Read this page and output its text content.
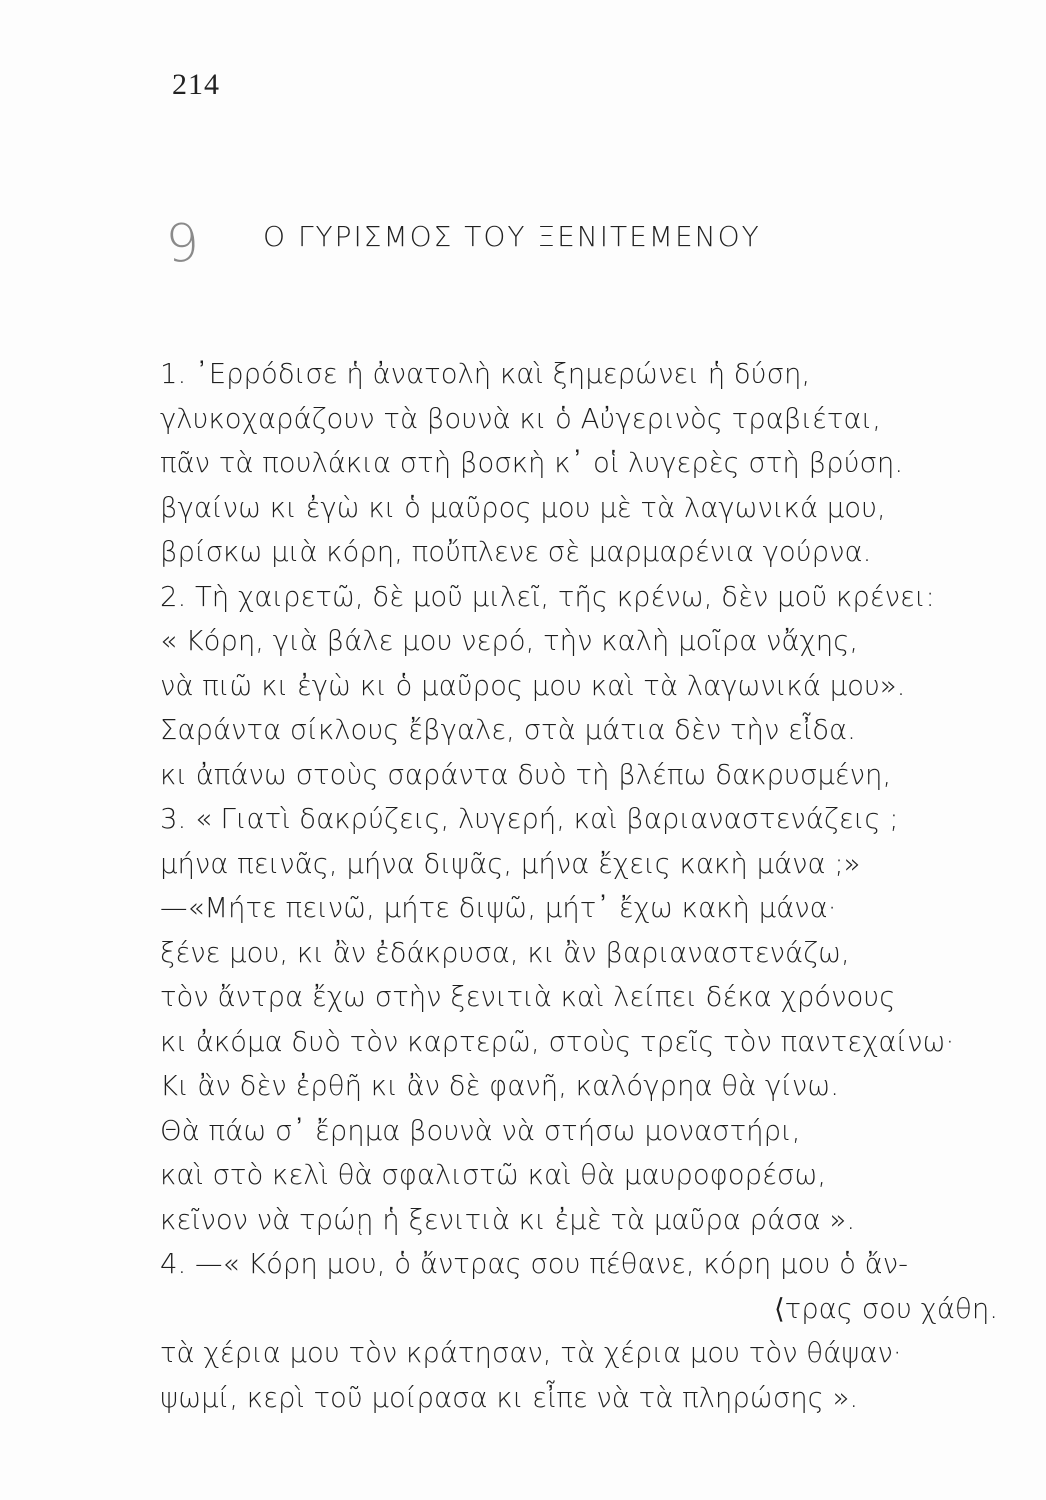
214
9 Ο ΓΥΡΙΣΜΟΣ ΤΟΥ ΞΕΝΙΤΕΜΕΝΟΥ
1. ᾿Ερρόδισε ἡ ἀνατολὴ καὶ ξημερώνει ἡ δύση,
γλυκοχαράζουν τὰ βουνὰ κι ὁ Αὐγερινὸς τραβιέται,
πᾶν τὰ πουλάκια στὴ βοσκὴ κ᾿ οἱ λυγερὲς στὴ βρύση.
βγαίνω κι ἐγὼ κι ὁ μαῦρος μου μὲ τὰ λαγωνικά μου,
βρίσκω μιὰ κόρη, ποὔπλενε σὲ μαρμαρένια γούρνα.
2. Τὴ χαιρετῶ, δὲ μοῦ μιλεῖ, τῆς κρένω, δὲν μοῦ κρένει:
« Κόρη, γιὰ βάλε μου νερό, τὴν καλὴ μοῖρα νἄχης,
νὰ πιῶ κι ἐγὼ κι ὁ μαῦρος μου καὶ τὰ λαγωνικά μου».
Σαράντα σίκλους ἔβγαλε, στὰ μάτια δὲν τὴν εἶδα.
κι ἀπάνω στοὺς σαράντα δυὸ τὴ βλέπω δακρυσμένη,
3. « Γιατὶ δακρύζεις, λυγερή, καὶ βαριαναστενάζεις ;
μήνα πεινᾶς, μήνα διψᾶς, μήνα ἔχεις κακὴ μάνα ;»
—«Μήτε πεινῶ, μήτε διψῶ, μήτ᾿ ἔχω κακὴ μάνα·
ξένε μου, κι ἂν ἐδάκρυσα, κι ἂν βαριαναστενάζω,
τὸν ἄντρα ἔχω στὴν ξενιτιὰ καὶ λείπει δέκα χρόνους
κι ἀκόμα δυὸ τὸν καρτερῶ, στοὺς τρεῖς τὸν παντεχαίνω·
Κι ἂν δὲν ἐρθῆ κι ἂν δὲ φανῆ, καλόγρηα θὰ γίνω.
Θὰ πάω σ᾿ ἔρημα βουνὰ νὰ στήσω μοναστήρι,
καὶ στὸ κελὶ θὰ σφαλιστῶ καὶ θὰ μαυροφορέσω,
κεῖνον νὰ τρώῃ ἡ ξενιτιὰ κι ἐμὲ τὰ μαῦρα ράσα ».
4. —« Κόρη μου, ὁ ἄντρας σου πέθανε, κόρη μου ὁ ἄν-
⟨τρας σου χάθη.
τὰ χέρια μου τὸν κράτησαν, τὰ χέρια μου τὸν θάψαν·
ψωμί, κερὶ τοῦ μοίρασα κι εἶπε νὰ τὰ πληρώσης ».
